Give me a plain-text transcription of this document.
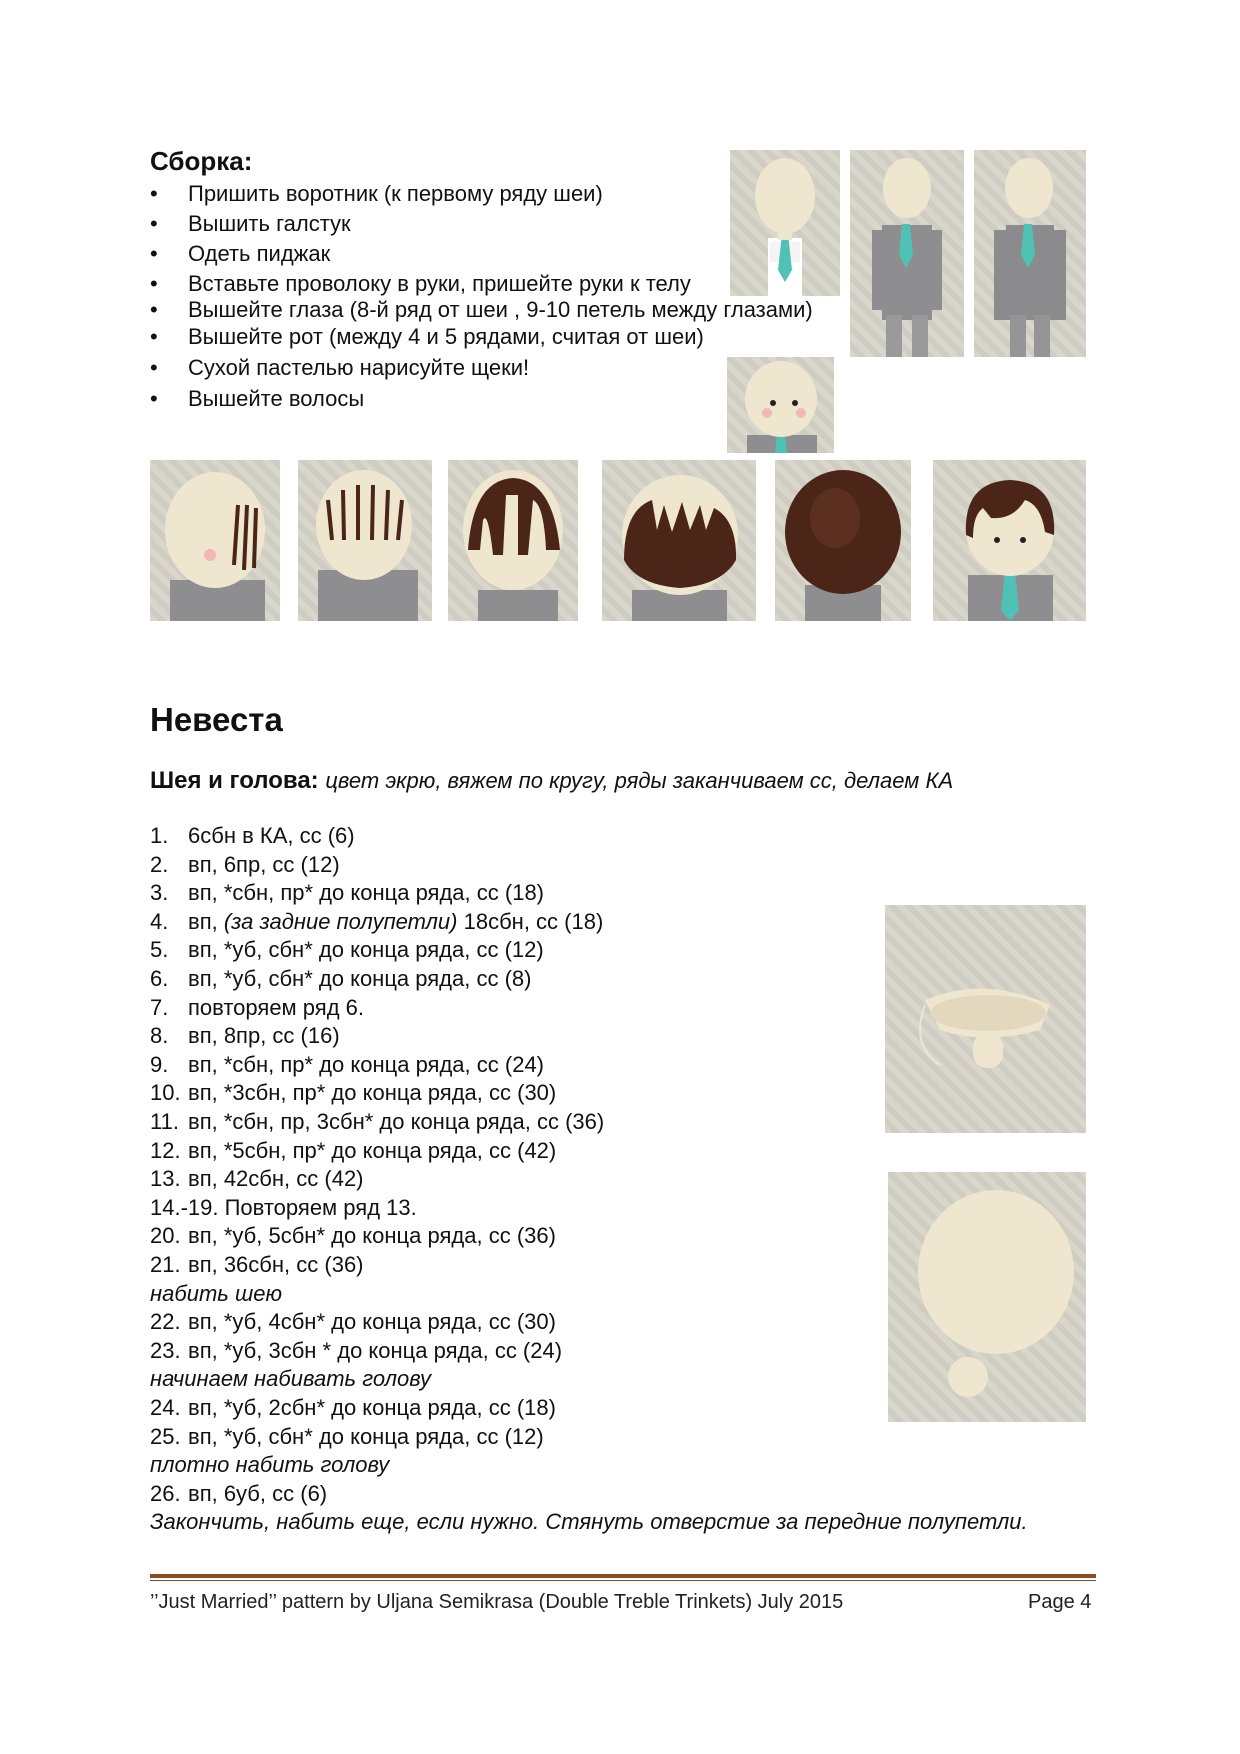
Сборка:
• Пришить воротник (к первому ряду шеи)
• Вышить галстук
• Одеть пиджак
• Вставьте проволоку в руки, пришейте руки к телу
• Вышейте глаза (8-й ряд от шеи , 9-10 петель между глазами)
• Вышейте рот (между 4 и 5 рядами, считая от шеи)
• Сухой пастелью нарисуйте щеки!
• Вышейте волосы
Невеста
Шея и голова: цвет экрю, вяжем по кругу, ряды заканчиваем сс, делаем КА
1. 6сбн в КА, сс (6)
2. вп, 6пр, сс (12)
3. вп, *сбн, пр* до конца ряда, сс (18)
4. вп, (за задние полупетли) 18сбн, сс (18)
5. вп, *уб, сбн* до конца ряда, сс (12)
6. вп, *уб, сбн* до конца ряда, сс (8)
7. повторяем ряд 6.
8. вп, 8пр, сс (16)
9. вп, *сбн, пр* до конца ряда, сс (24)
10. вп, *3сбн, пр* до конца ряда, сс (30)
11. вп, *сбн, пр, 3сбн* до конца ряда, сс (36)
12. вп, *5сбн, пр* до конца ряда, сс (42)
13. вп, 42сбн, сс (42)
14.-19. Повторяем ряд 13.
20. вп, *уб, 5сбн* до конца ряда, сс (36)
21. вп, 36сбн, сс (36)
набить шею
22. вп, *уб, 4сбн* до конца ряда, сс (30)
23. вп, *уб, 3сбн * до конца ряда, сс (24)
начинаем набивать голову
24. вп, *уб, 2сбн* до конца ряда, сс (18)
25. вп, *уб, сбн* до конца ряда, сс (12)
плотно набить голову
26. вп, 6уб, сс (6)
Закончить, набить еще, если нужно. Стянуть отверстие за передние полупетли.
’’Just Married’’ pattern by Uljana Semikrasa (Double Treble Trinkets) July 2015	Page 4
